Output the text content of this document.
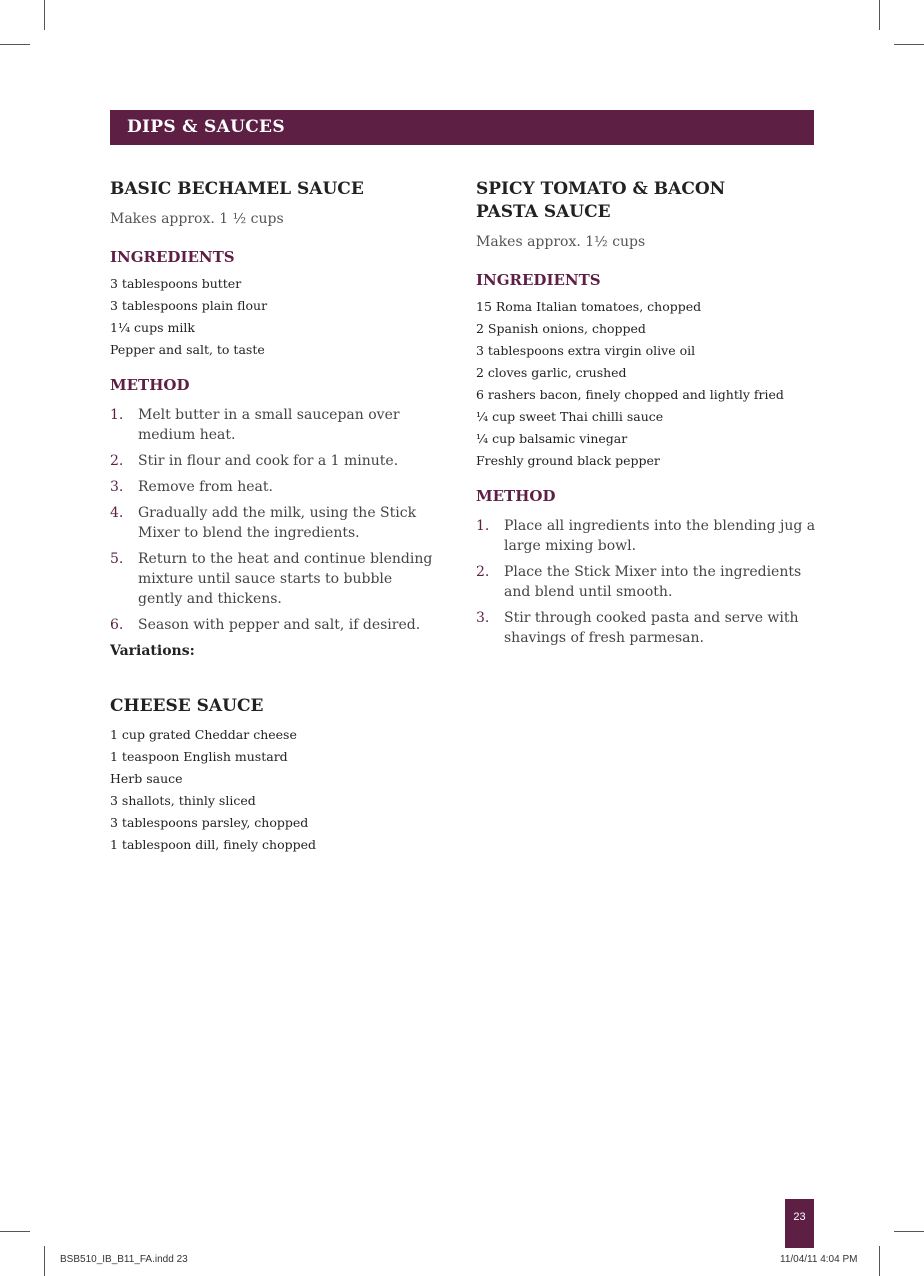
DIPS & SAUCES
BASIC BECHAMEL SAUCE
Makes approx. 1 ½ cups
INGREDIENTS
3 tablespoons butter
3 tablespoons plain flour
1¼ cups milk
Pepper and salt, to taste
METHOD
1. Melt butter in a small saucepan over medium heat.
2. Stir in flour and cook for a 1 minute.
3. Remove from heat.
4. Gradually add the milk, using the Stick Mixer to blend the ingredients.
5. Return to the heat and continue blending mixture until sauce starts to bubble gently and thickens.
6. Season with pepper and salt, if desired.
Variations:
CHEESE SAUCE
1 cup grated Cheddar cheese
1 teaspoon English mustard
Herb sauce
3 shallots, thinly sliced
3 tablespoons parsley, chopped
1 tablespoon dill, finely chopped
SPICY TOMATO & BACON
PASTA SAUCE
Makes approx. 1½ cups
INGREDIENTS
15 Roma Italian tomatoes, chopped
2 Spanish onions, chopped
3 tablespoons extra virgin olive oil
2 cloves garlic, crushed
6 rashers bacon, finely chopped and lightly fried
¼ cup sweet Thai chilli sauce
¼ cup balsamic vinegar
Freshly ground black pepper
METHOD
1. Place all ingredients into the blending jug a large mixing bowl.
2. Place the Stick Mixer into the ingredients and blend until smooth.
3. Stir through cooked pasta and serve with shavings of fresh parmesan.
23
BSB510_IB_B11_FA.indd 23	11/04/11 4:04 PM
